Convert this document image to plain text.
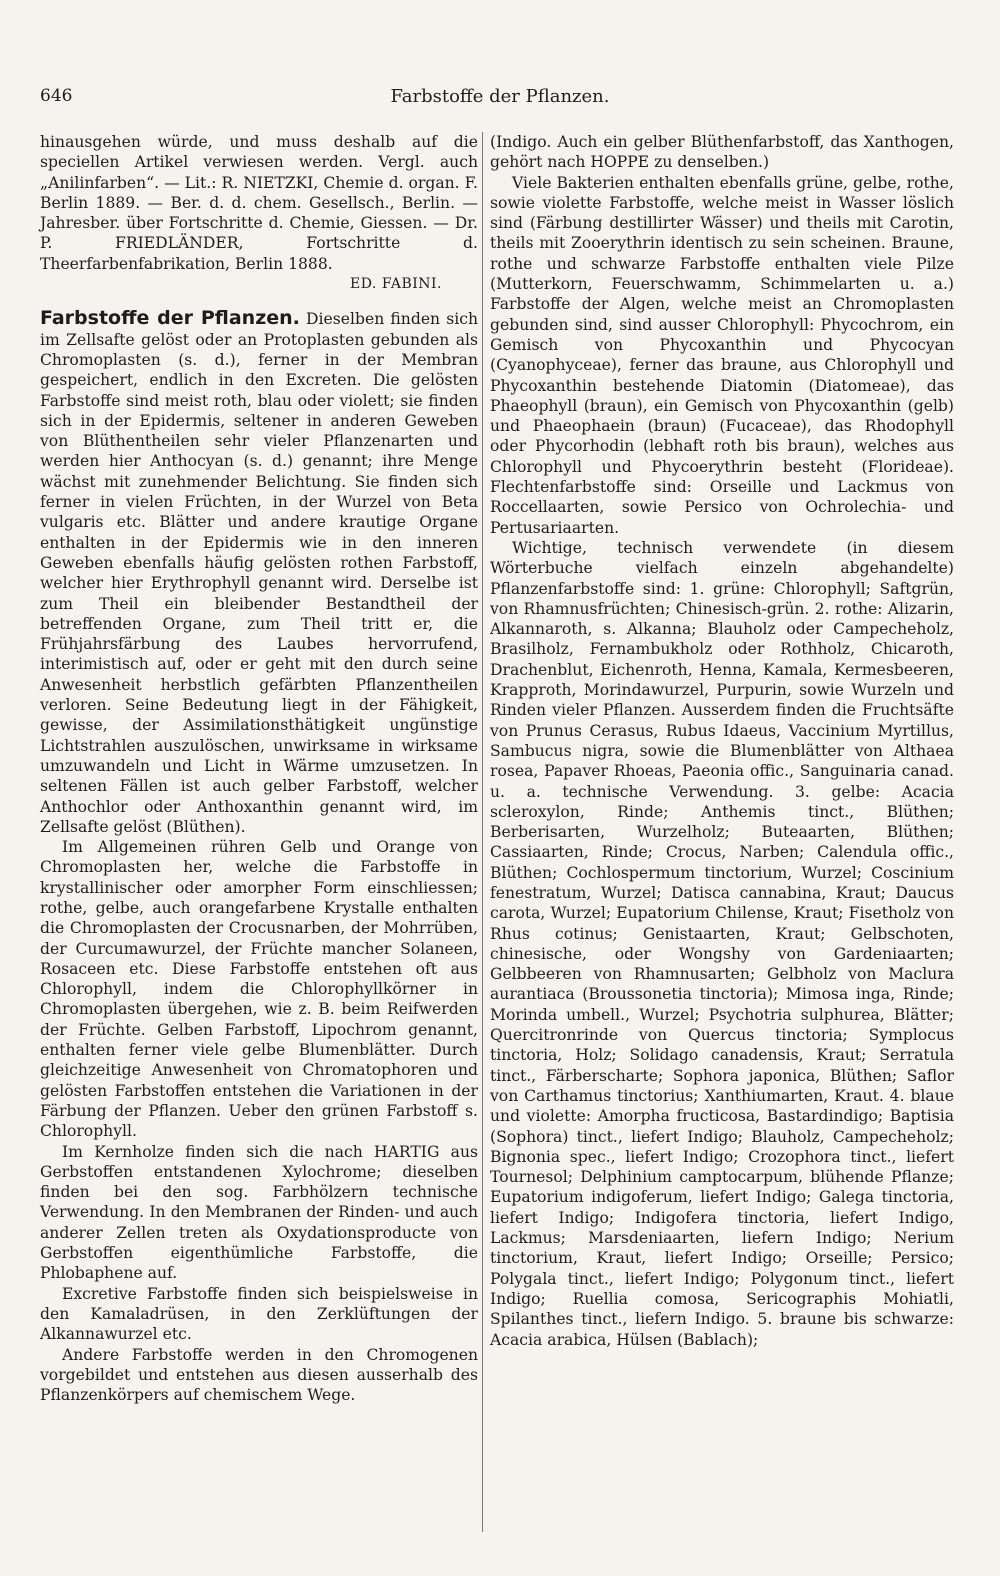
646	Farbstoffe der Pflanzen.

hinausgehen würde, und muss deshalb auf die speciellen Artikel verwiesen werden. Vergl. auch „Anilinfarben“. — Lit.: R. NIETZKI, Chemie d. organ. F. Berlin 1889. — Ber. d. d. chem. Gesellsch., Berlin. — Jahresber. über Fortschritte d. Chemie, Giessen. — Dr. P. FRIEDLÄNDER, Fortschritte d. Theerfarbenfabrikation, Berlin 1888.

ED. FABINI.

Farbstoffe der Pflanzen. Dieselben finden sich im Zellsafte gelöst oder an Protoplasten gebunden als Chromoplasten (s. d.), ferner in der Membran gespeichert, endlich in den Excreten. Die gelösten Farbstoffe sind meist roth, blau oder violett; sie finden sich in der Epidermis, seltener in anderen Geweben von Blüthentheilen sehr vieler Pflanzenarten und werden hier Anthocyan (s. d.) genannt; ihre Menge wächst mit zunehmender Belichtung. Sie finden sich ferner in vielen Früchten, in der Wurzel von Beta vulgaris etc. Blätter und andere krautige Organe enthalten in der Epidermis wie in den inneren Geweben ebenfalls häufig gelösten rothen Farbstoff, welcher hier Erythrophyll genannt wird. Derselbe ist zum Theil ein bleibender Bestandtheil der betreffenden Organe, zum Theil tritt er, die Frühjahrsfärbung des Laubes hervorrufend, interimistisch auf, oder er geht mit den durch seine Anwesenheit herbstlich gefärbten Pflanzentheilen verloren. Seine Bedeutung liegt in der Fähigkeit, gewisse, der Assimilationsthätigkeit ungünstige Lichtstrahlen auszulöschen, unwirksame in wirksame umzuwandeln und Licht in Wärme umzusetzen. In seltenen Fällen ist auch gelber Farbstoff, welcher Anthochlor oder Anthoxanthin genannt wird, im Zellsafte gelöst (Blüthen).

Im Allgemeinen rühren Gelb und Orange von Chromoplasten her, welche die Farbstoffe in krystallinischer oder amorpher Form einschliessen; rothe, gelbe, auch orangefarbene Krystalle enthalten die Chromoplasten der Crocusnarben, der Mohrrüben, der Curcumawurzel, der Früchte mancher Solaneen, Rosaceen etc. Diese Farbstoffe entstehen oft aus Chlorophyll, indem die Chlorophyllkörner in Chromoplasten übergehen, wie z. B. beim Reifwerden der Früchte. Gelben Farbstoff, Lipochrom genannt, enthalten ferner viele gelbe Blumenblätter. Durch gleichzeitige Anwesenheit von Chromatophoren und gelösten Farbstoffen entstehen die Variationen in der Färbung der Pflanzen. Ueber den grünen Farbstoff s. Chlorophyll.

Im Kernholze finden sich die nach HARTIG aus Gerbstoffen entstandenen Xylochrome; dieselben finden bei den sog. Farbhölzern technische Verwendung. In den Membranen der Rinden- und auch anderer Zellen treten als Oxydationsproducte von Gerbstoffen eigenthümliche Farbstoffe, die Phlobaphene auf.

Excretive Farbstoffe finden sich beispielsweise in den Kamaladrüsen, in den Zerklüftungen der Alkannawurzel etc.

Andere Farbstoffe werden in den Chromogenen vorgebildet und entstehen aus diesen ausserhalb des Pflanzenkörpers auf chemischem Wege.

(Indigo. Auch ein gelber Blüthenfarbstoff, das Xanthogen, gehört nach HOPPE zu denselben.)

Viele Bakterien enthalten ebenfalls grüne, gelbe, rothe, sowie violette Farbstoffe, welche meist in Wasser löslich sind (Färbung destillirter Wässer) und theils mit Carotin, theils mit Zooerythrin identisch zu sein scheinen. Braune, rothe und schwarze Farbstoffe enthalten viele Pilze (Mutterkorn, Feuerschwamm, Schimmelarten u. a.) Farbstoffe der Algen, welche meist an Chromoplasten gebunden sind, sind ausser Chlorophyll: Phycochrom, ein Gemisch von Phycoxanthin und Phycocyan (Cyanophyceae), ferner das braune, aus Chlorophyll und Phycoxanthin bestehende Diatomin (Diatomeae), das Phaeophyll (braun), ein Gemisch von Phycoxanthin (gelb) und Phaeophaein (braun) (Fucaceae), das Rhodophyll oder Phycorhodin (lebhaft roth bis braun), welches aus Chlorophyll und Phycoerythrin besteht (Florideae). Flechtenfarbstoffe sind: Orseille und Lackmus von Roccellaarten, sowie Persico von Ochrolechia- und Pertusariaarten.

Wichtige, technisch verwendete (in diesem Wörterbuche vielfach einzeln abgehandelte) Pflanzenfarbstoffe sind: 1. grüne: Chlorophyll; Saftgrün, von Rhamnusfrüchten; Chinesisch-grün. 2. rothe: Alizarin, Alkannaroth, s. Alkanna; Blauholz oder Campecheholz, Brasilholz, Fernambukholz oder Rothholz, Chicaroth, Drachenblut, Eichenroth, Henna, Kamala, Kermesbeeren, Krapproth, Morindawurzel, Purpurin, sowie Wurzeln und Rinden vieler Pflanzen. Ausserdem finden die Fruchtsäfte von Prunus Cerasus, Rubus Idaeus, Vaccinium Myrtillus, Sambucus nigra, sowie die Blumenblätter von Althaea rosea, Papaver Rhoeas, Paeonia offic., Sanguinaria canad. u. a. technische Verwendung. 3. gelbe: Acacia scleroxylon, Rinde; Anthemis tinct., Blüthen; Berberisarten, Wurzelholz; Buteaarten, Blüthen; Cassiaarten, Rinde; Crocus, Narben; Calendula offic., Blüthen; Cochlospermum tinctorium, Wurzel; Coscinium fenestratum, Wurzel; Datisca cannabina, Kraut; Daucus carota, Wurzel; Eupatorium Chilense, Kraut; Fisetholz von Rhus cotinus; Genistaarten, Kraut; Gelbschoten, chinesische, oder Wongshy von Gardeniaarten; Gelbbeeren von Rhamnusarten; Gelbholz von Maclura aurantiaca (Broussonetia tinctoria); Mimosa inga, Rinde; Morinda umbell., Wurzel; Psychotria sulphurea, Blätter; Quercitronrinde von Quercus tinctoria; Symplocus tinctoria, Holz; Solidago canadensis, Kraut; Serratula tinct., Färberscharte; Sophora japonica, Blüthen; Saflor von Carthamus tinctorius; Xanthiumarten, Kraut. 4. blaue und violette: Amorpha fructicosa, Bastardindigo; Baptisia (Sophora) tinct., liefert Indigo; Blauholz, Campecheholz; Bignonia spec., liefert Indigo; Crozophora tinct., liefert Tournesol; Delphinium camptocarpum, blühende Pflanze; Eupatorium indigoferum, liefert Indigo; Galega tinctoria, liefert Indigo; Indigofera tinctoria, liefert Indigo, Lackmus; Marsdeniaarten, liefern Indigo; Nerium tinctorium, Kraut, liefert Indigo; Orseille; Persico; Polygala tinct., liefert Indigo; Polygonum tinct., liefert Indigo; Ruellia comosa, Sericographis Mohiatli, Spilanthes tinct., liefern Indigo. 5. braune bis schwarze: Acacia arabica, Hülsen (Bablach);
